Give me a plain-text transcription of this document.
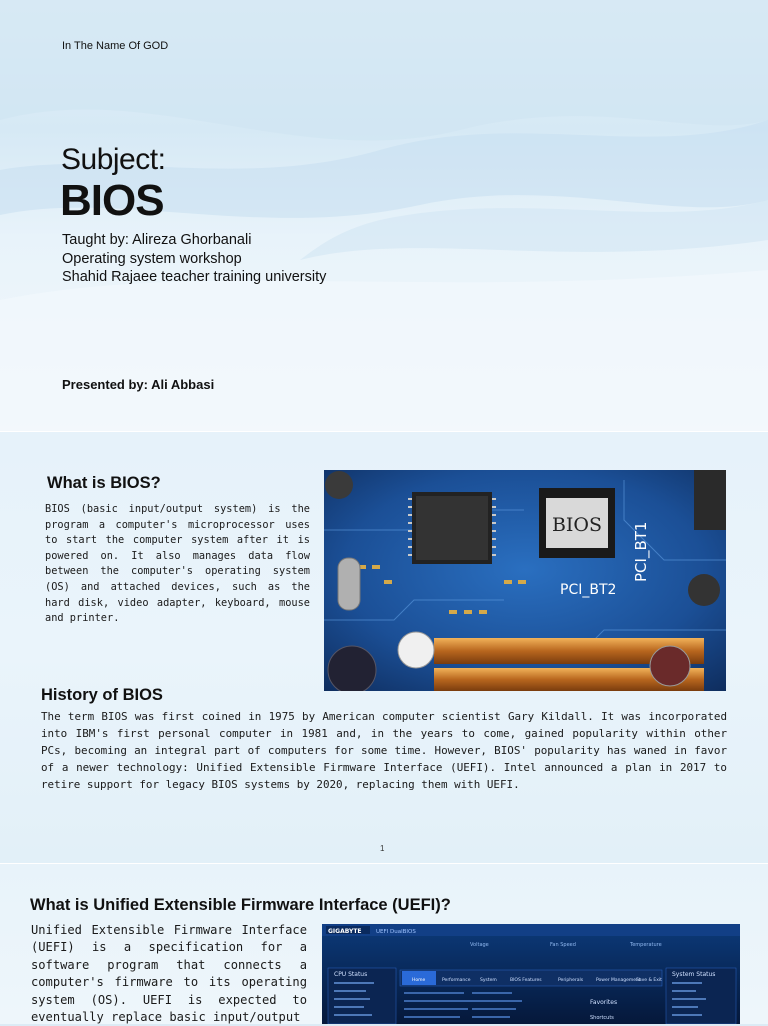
In The Name Of GOD
Subject:
BIOS
Taught by: Alireza Ghorbanali
Operating system workshop
Shahid Rajaee teacher training university
Presented by: Ali Abbasi
What is BIOS?
BIOS (basic input/output system) is the program a computer's microprocessor uses to start the computer system after it is powered on. It also manages data flow between the computer's operating system (OS) and attached devices, such as the hard disk, video adapter, keyboard, mouse and printer.
BIOS PCI_BT1
PCI_BT2
History of BIOS
The term BIOS was first coined in 1975 by American computer scientist Gary Kildall. It was incorporated into IBM's first personal computer in 1981 and, in the years to come, gained popularity within other PCs, becoming an integral part of computers for some time. However, BIOS' popularity has waned in favor of a newer technology: Unified Extensible Firmware Interface (UEFI). Intel announced a plan in 2017 to retire support for legacy BIOS systems by 2020, replacing them with UEFI.
1
What is Unified Extensible Firmware Interface (UEFI)?
Unified Extensible Firmware Interface (UEFI) is a specification for a software program that connects a computer's firmware to its operating system (OS). UEFI is expected to eventually replace basic input/output
GIGABYTE	UEFI DualBIOS
Voltage	Fan Speed	Temperature
Home	Performance System	BIOS Features	Peripherals	Power Management
Save & Exit
CPU Status	System Status
Favorites
Shortcuts
